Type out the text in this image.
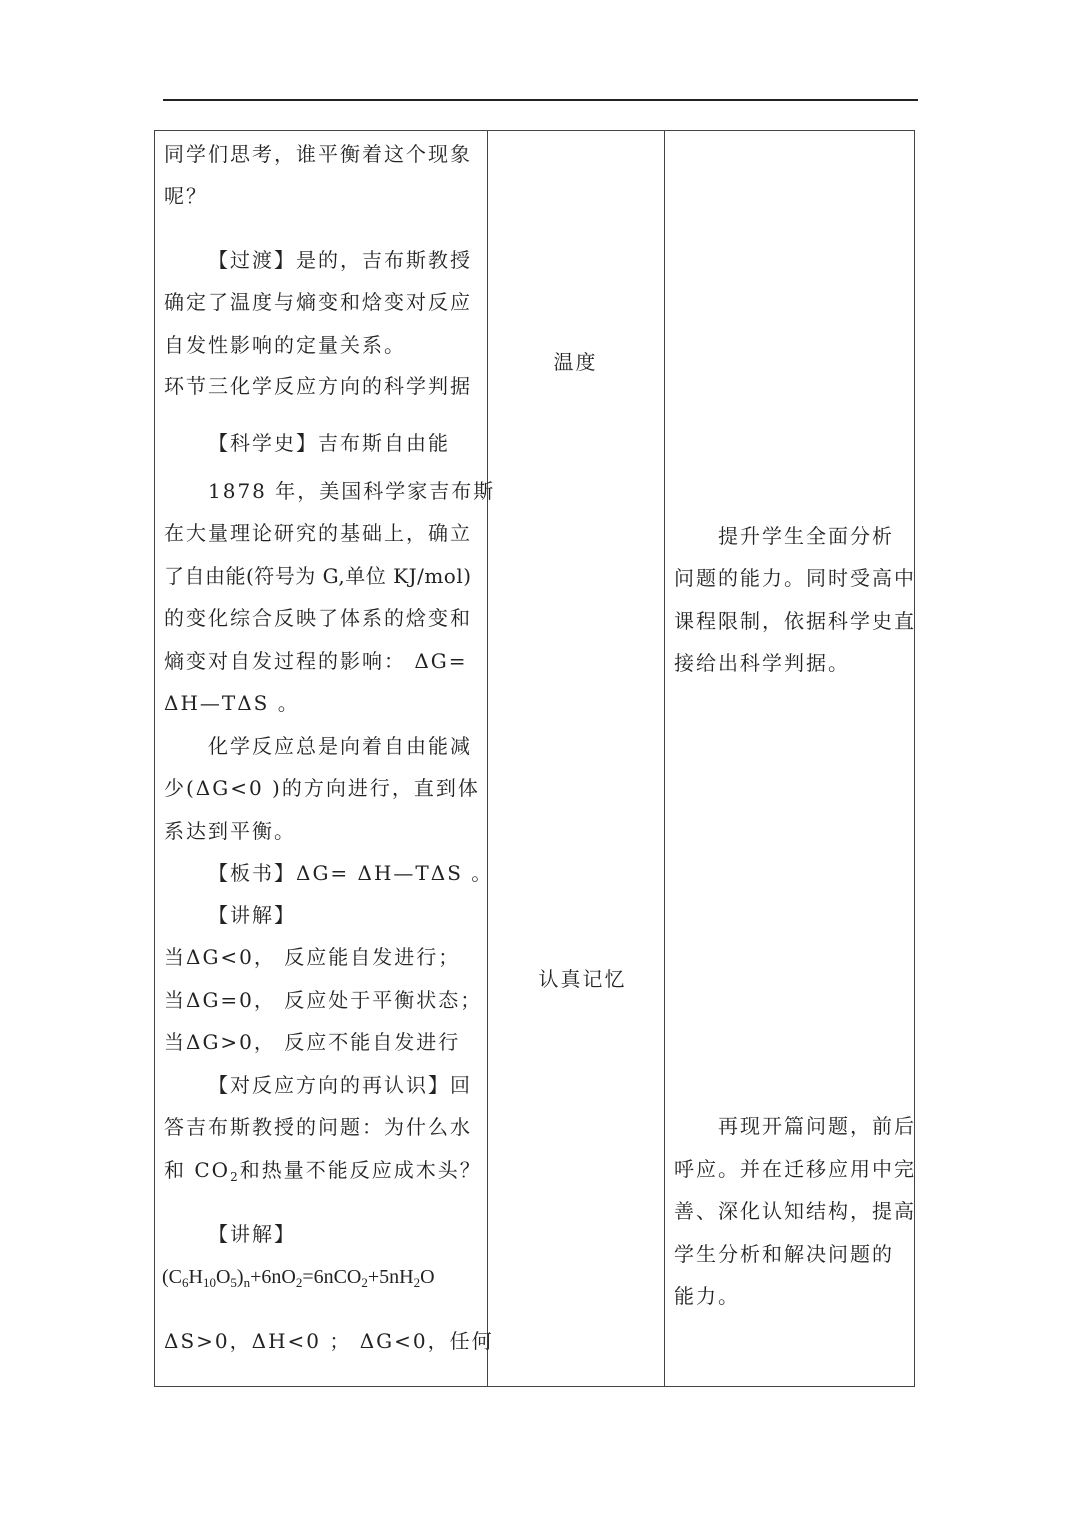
同学们思考，谁平衡着这个现象
呢？
【过渡】是的，吉布斯教授
确定了温度与熵变和焓变对反应
自发性影响的定量关系。
环节三化学反应方向的科学判据
【科学史】吉布斯自由能
1878 年，美国科学家吉布斯
在大量理论研究的基础上，确立
了自由能(符号为 G,单位 KJ/mol)
的变化综合反映了体系的焓变和
熵变对自发过程的影响： ΔG=
ΔH—TΔS 。
化学反应总是向着自由能减
少(ΔG<0 )的方向进行，直到体
系达到平衡。
【板书】ΔG= ΔH—TΔS 。
【讲解】
当ΔG<0， 反应能自发进行；
当ΔG=0， 反应处于平衡状态；
当ΔG>0， 反应不能自发进行
【对反应方向的再认识】回
答吉布斯教授的问题：为什么水
和 $CO_2$和热量不能反应成木头？
【讲解】
$(C_6H_{10}O_5)_n+6nO_2=6nCO_2+5nH_2O$
ΔS>0，ΔH<0 ； ΔG<0，任何
温度
认真记忆
提升学生全面分析
问题的能力。同时受高中
课程限制，依据科学史直
接给出科学判据。
再现开篇问题，前后
呼应。并在迁移应用中完
善、深化认知结构，提高
学生分析和解决问题的
能力。
